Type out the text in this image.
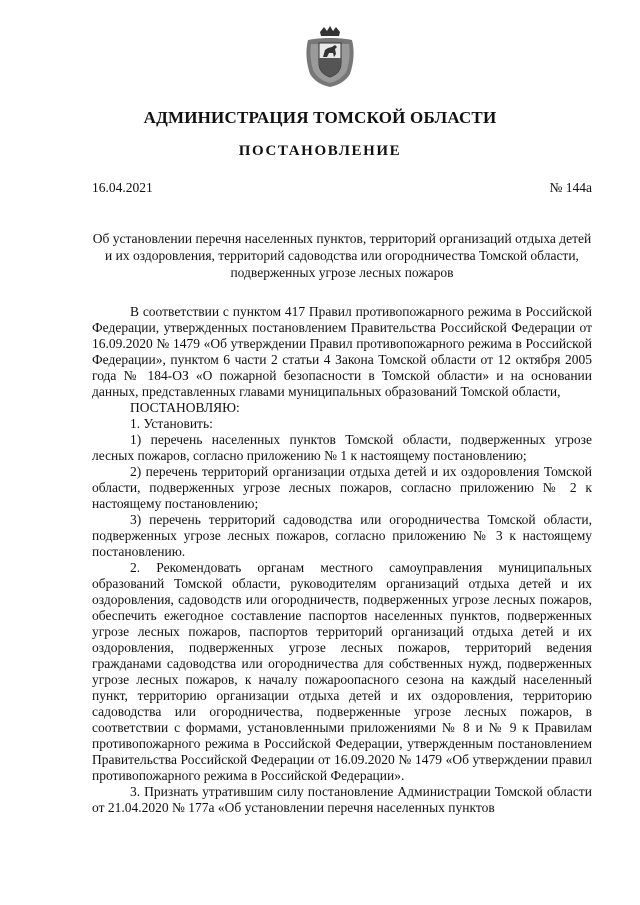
АДМИНИСТРАЦИЯ ТОМСКОЙ ОБЛАСТИ
ПОСТАНОВЛЕНИЕ
16.04.2021	№ 144а
Об установлении перечня населенных пунктов, территорий организаций отдыха детей и их оздоровления, территорий садоводства или огородничества Томской области, подверженных угрозе лесных пожаров

В соответствии с пунктом 417 Правил противопожарного режима в Российской Федерации, утвержденных постановлением Правительства Российской Федерации от 16.09.2020 № 1479 «Об утверждении Правил противопожарного режима в Российской Федерации», пунктом 6 части 2 статьи 4 Закона Томской области от 12 октября 2005 года № 184-ОЗ «О пожарной безопасности в Томской области» и на основании данных, представленных главами муниципальных образований Томской области,

ПОСТАНОВЛЯЮ:

1. Установить:

1) перечень населенных пунктов Томской области, подверженных угрозе лесных пожаров, согласно приложению № 1 к настоящему постановлению;

2) перечень территорий организации отдыха детей и их оздоровления Томской области, подверженных угрозе лесных пожаров, согласно приложению № 2 к настоящему постановлению;

3) перечень территорий садоводства или огородничества Томской области, подверженных угрозе лесных пожаров, согласно приложению № 3 к настоящему постановлению.

2. Рекомендовать органам местного самоуправления муниципальных образований Томской области, руководителям организаций отдыха детей и их оздоровления, садоводств или огородничеств, подверженных угрозе лесных пожаров, обеспечить ежегодное составление паспортов населенных пунктов, подверженных угрозе лесных пожаров, паспортов территорий организаций отдыха детей и их оздоровления, подверженных угрозе лесных пожаров, территорий ведения гражданами садоводства или огородничества для собственных нужд, подверженных угрозе лесных пожаров, к началу пожароопасного сезона на каждый населенный пункт, территорию организации отдыха детей и их оздоровления, территорию садоводства или огородничества, подверженные угрозе лесных пожаров, в соответствии с формами, установленными приложениями № 8 и № 9 к Правилам противопожарного режима в Российской Федерации, утвержденным постановлением Правительства Российской Федерации от 16.09.2020 № 1479 «Об утверждении правил противопожарного режима в Российской Федерации».

3. Признать утратившим силу постановление Администрации Томской области от 21.04.2020 № 177а «Об установлении перечня населенных пунктов
